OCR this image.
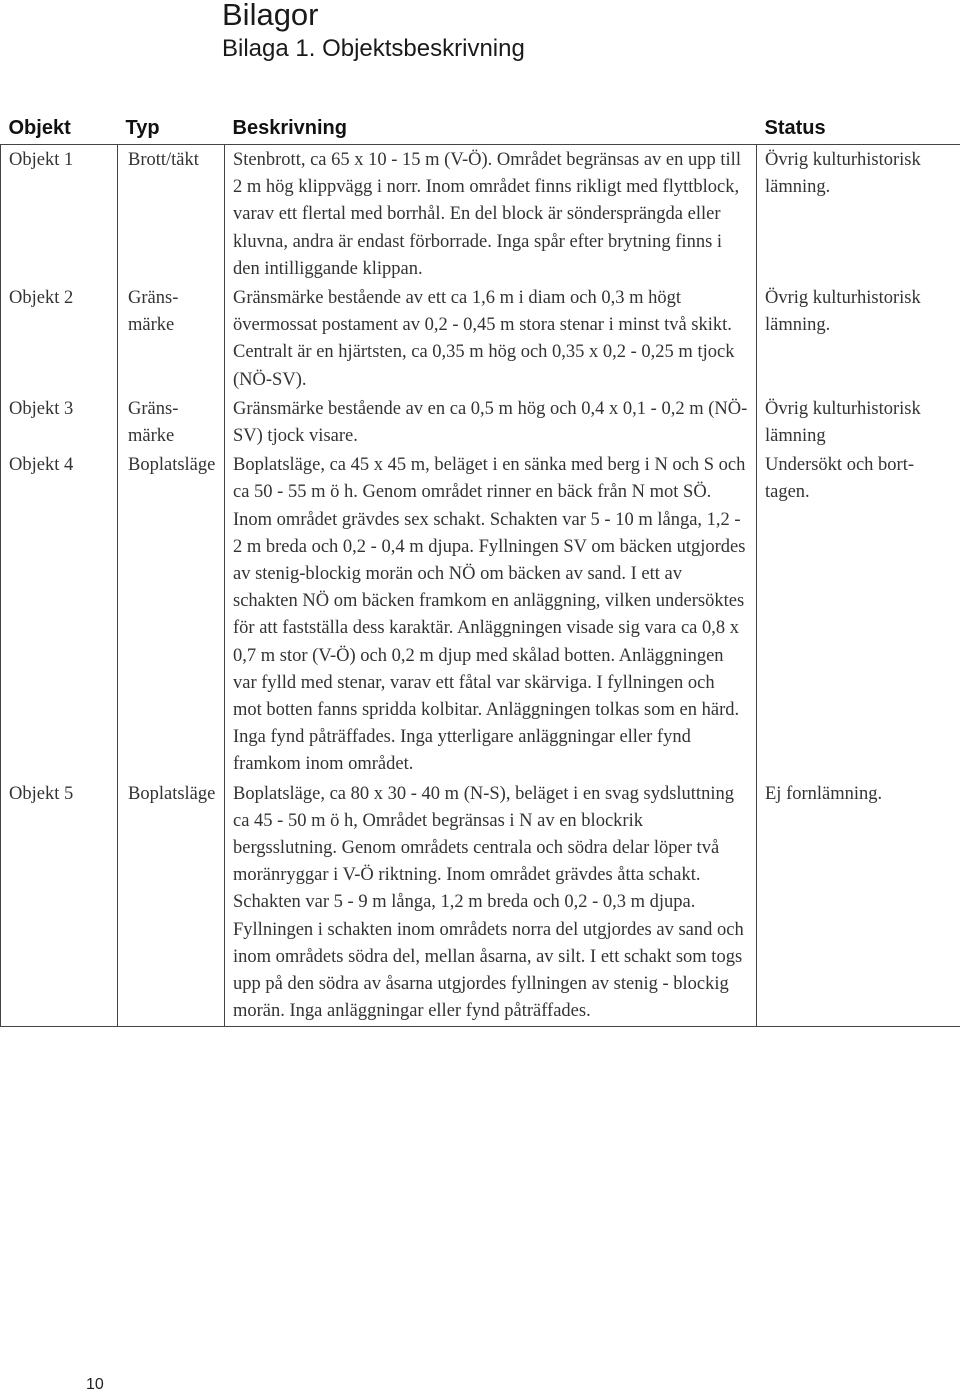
Bilagor
Bilaga 1. Objektsbeskrivning
Objekt	Typ	Beskrivning	Status
Objekt 1	Brott/täkt	Stenbrott, ca 65 x 10 - 15 m (V-Ö). Området begränsas av en upp till 2 m hög klippvägg i norr. Inom området finns rikligt med flyttblock, varav ett flertal med borrhål. En del block är söndersprängda eller kluvna, andra är endast förborrade. Inga spår efter brytning finns i den intilliggande klippan.	Övrig kulturhistorisk lämning.
Objekt 2	Gränsmärke	Gränsmärke bestående av ett ca 1,6 m i diam och 0,3 m högt övermossat postament av 0,2 - 0,45 m stora stenar i minst två skikt. Centralt är en hjärtsten, ca 0,35 m hög och 0,35 x 0,2 - 0,25 m tjock (NÖ-SV).	Övrig kulturhistorisk lämning.
Objekt 3	Gränsmärke	Gränsmärke bestående av en ca 0,5 m hög och 0,4 x 0,1 - 0,2 m (NÖ-SV) tjock visare.	Övrig kulturhistorisk lämning
Objekt 4	Boplatsläge	Boplatsläge, ca 45 x 45 m, beläget i en sänka med berg i N och S och ca 50 - 55 m ö h. Genom området rinner en bäck från N mot SÖ. Inom området grävdes sex schakt. Schakten var 5 - 10 m långa, 1,2 - 2 m breda och 0,2 - 0,4 m djupa. Fyllningen SV om bäcken utgjordes av stenig-blockig morän och NÖ om bäcken av sand. I ett av schakten NÖ om bäcken framkom en anläggning, vilken undersöktes för att fastställa dess karaktär. Anläggningen visade sig vara ca 0,8 x 0,7 m stor (V-Ö) och 0,2 m djup med skålad botten. Anläggningen var fylld med stenar, varav ett fåtal var skärviga. I fyllningen och mot botten fanns spridda kolbitar. Anläggningen tolkas som en härd. Inga fynd påträffades. Inga ytterligare anläggningar eller fynd framkom inom området.	Undersökt och borttagen.
Objekt 5	Boplatsläge	Boplatsläge, ca 80 x 30 - 40 m (N-S), beläget i en svag sydsluttning ca 45 - 50 m ö h, Området begränsas i N av en blockrik bergsslutning. Genom områdets centrala och södra delar löper två moränryggar i V-Ö riktning. Inom området grävdes åtta schakt. Schakten var 5 - 9 m långa, 1,2 m breda och 0,2 - 0,3 m djupa. Fyllningen i schakten inom områdets norra del utgjordes av sand och inom områdets södra del, mellan åsarna, av silt. I ett schakt som togs upp på den södra av åsarna utgjordes fyllningen av stenig - blockig morän. Inga anläggningar eller fynd påträffades.	Ej fornlämning.
10
